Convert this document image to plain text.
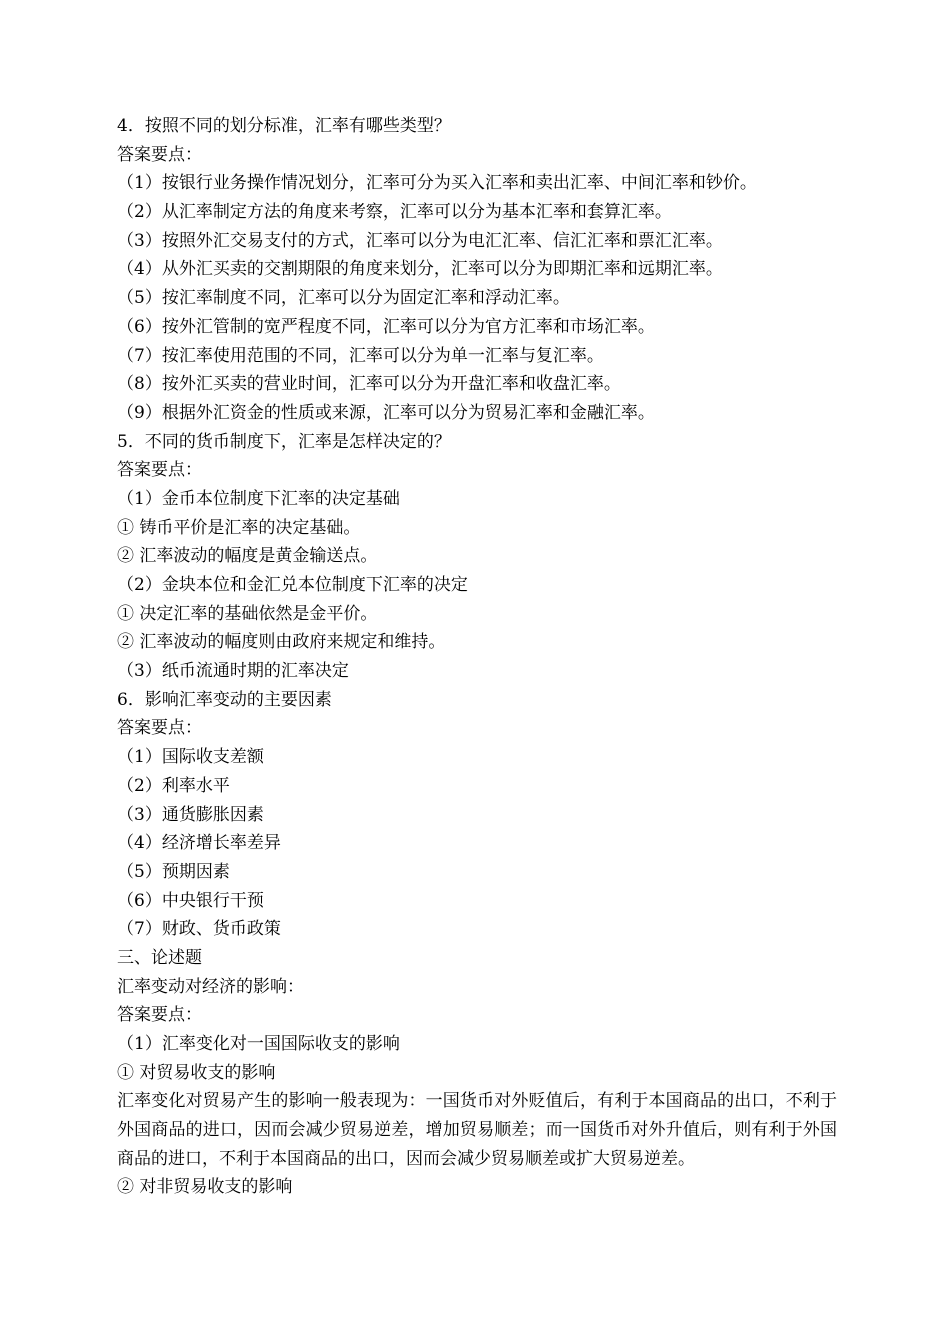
4．按照不同的划分标准，汇率有哪些类型？

答案要点：

（1）按银行业务操作情况划分，汇率可分为买入汇率和卖出汇率、中间汇率和钞价。

（2）从汇率制定方法的角度来考察，汇率可以分为基本汇率和套算汇率。

（3）按照外汇交易支付的方式，汇率可以分为电汇汇率、信汇汇率和票汇汇率。

（4）从外汇买卖的交割期限的角度来划分，汇率可以分为即期汇率和远期汇率。

（5）按汇率制度不同，汇率可以分为固定汇率和浮动汇率。

（6）按外汇管制的宽严程度不同，汇率可以分为官方汇率和市场汇率。

（7）按汇率使用范围的不同，汇率可以分为单一汇率与复汇率。

（8）按外汇买卖的营业时间，汇率可以分为开盘汇率和收盘汇率。

（9）根据外汇资金的性质或来源，汇率可以分为贸易汇率和金融汇率。

5．不同的货币制度下，汇率是怎样决定的？

答案要点：

（1）金币本位制度下汇率的决定基础

① 铸币平价是汇率的决定基础。

② 汇率波动的幅度是黄金输送点。

（2）金块本位和金汇兑本位制度下汇率的决定

① 决定汇率的基础依然是金平价。

② 汇率波动的幅度则由政府来规定和维持。

（3）纸币流通时期的汇率决定

6．影响汇率变动的主要因素

答案要点：

（1）国际收支差额

（2）利率水平

（3）通货膨胀因素

（4）经济增长率差异

（5）预期因素

（6）中央银行干预

（7）财政、货币政策

三、论述题

汇率变动对经济的影响：

答案要点：

（1）汇率变化对一国国际收支的影响

① 对贸易收支的影响

汇率变化对贸易产生的影响一般表现为：一国货币对外贬值后，有利于本国商品的出口，不利于外国商品的进口，因而会减少贸易逆差，增加贸易顺差；而一国货币对外升值后，则有利于外国商品的进口，不利于本国商品的出口，因而会减少贸易顺差或扩大贸易逆差。

② 对非贸易收支的影响
